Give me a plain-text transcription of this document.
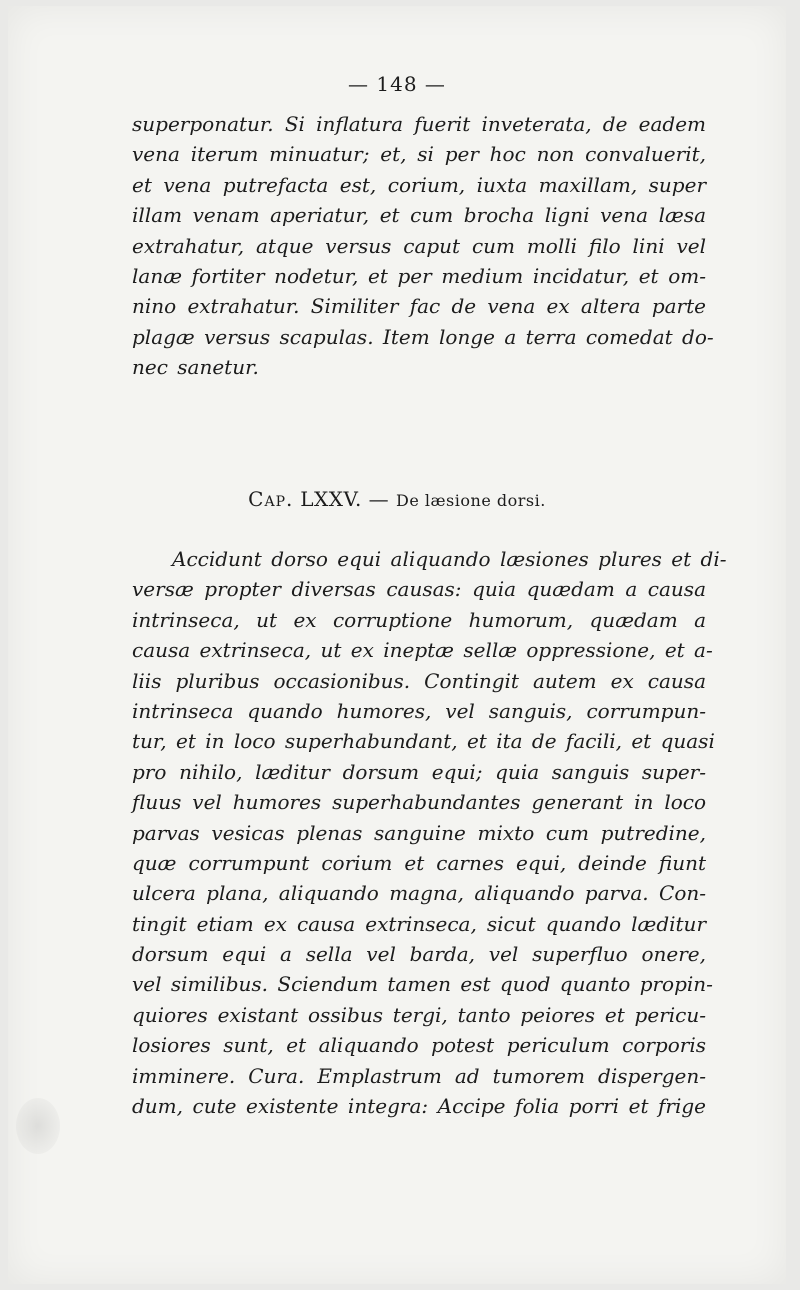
— 148 —
superponatur. Si inflatura fuerit inveterata, de eadem
vena iterum minuatur; et, si per hoc non convaluerit,
et vena putrefacta est, corium, iuxta maxillam, super
illam venam aperiatur, et cum brocha ligni vena læsa
extrahatur, atque versus caput cum molli filo lini vel
lanæ fortiter nodetur, et per medium incidatur, et om-
nino extrahatur. Similiter fac de vena ex altera parte
plagæ versus scapulas. Item longe a terra comedat do-
nec sanetur.
Cap. LXXV. — De læsione dorsi.
Accidunt dorso equi aliquando læsiones plures et di-
versæ propter diversas causas: quia quædam a causa
intrinseca, ut ex corruptione humorum, quædam a
causa extrinseca, ut ex ineptæ sellæ oppressione, et a-
liis pluribus occasionibus. Contingit autem ex causa
intrinseca quando humores, vel sanguis, corrumpun-
tur, et in loco superhabundant, et ita de facili, et quasi
pro nihilo, læditur dorsum equi; quia sanguis super-
fluus vel humores superhabundantes generant in loco
parvas vesicas plenas sanguine mixto cum putredine,
quæ corrumpunt corium et carnes equi, deinde fiunt
ulcera plana, aliquando magna, aliquando parva. Con-
tingit etiam ex causa extrinseca, sicut quando læditur
dorsum equi a sella vel barda, vel superfluo onere,
vel similibus. Sciendum tamen est quod quanto propin-
quiores existant ossibus tergi, tanto peiores et pericu-
losiores sunt, et aliquando potest periculum corporis
imminere. Cura. Emplastrum ad tumorem dispergen-
dum, cute existente integra: Accipe folia porri et frige
